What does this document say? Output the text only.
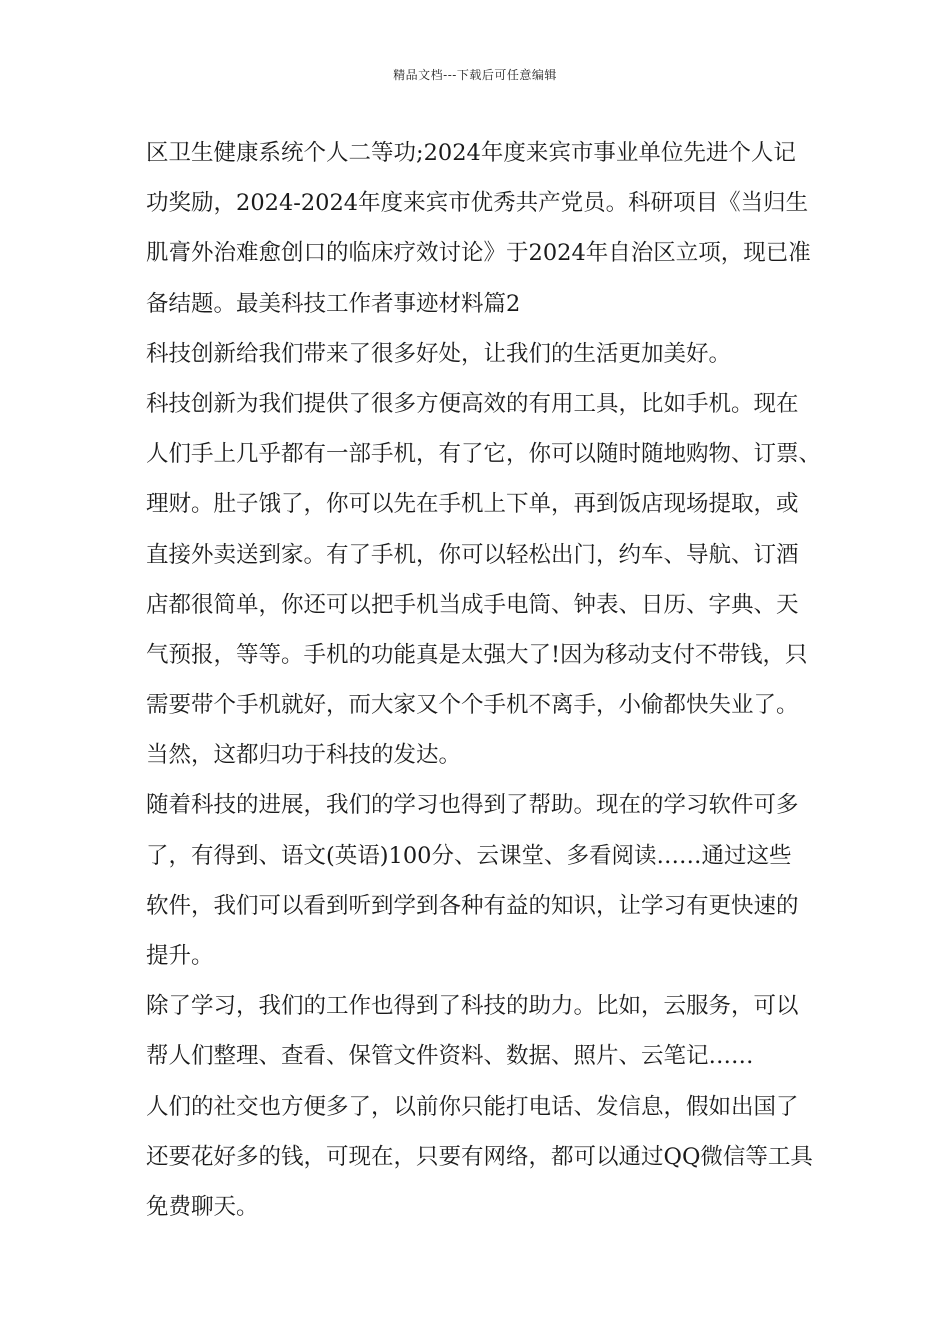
精品文档---下载后可任意编辑
区卫生健康系统个人二等功;2024年度来宾市事业单位先进个人记
功奖励，2024-2024年度来宾市优秀共产党员。科研项目《当归生
肌膏外治难愈创口的临床疗效讨论》于2024年自治区立项，现已准
备结题。最美科技工作者事迹材料篇2
科技创新给我们带来了很多好处，让我们的生活更加美好。
科技创新为我们提供了很多方便高效的有用工具，比如手机。现在
人们手上几乎都有一部手机，有了它，你可以随时随地购物、订票、
理财。肚子饿了，你可以先在手机上下单，再到饭店现场提取，或
直接外卖送到家。有了手机，你可以轻松出门，约车、导航、订酒
店都很简单，你还可以把手机当成手电筒、钟表、日历、字典、天
气预报，等等。手机的功能真是太强大了!因为移动支付不带钱，只
需要带个手机就好，而大家又个个手机不离手，小偷都快失业了。
当然，这都归功于科技的发达。
随着科技的进展，我们的学习也得到了帮助。现在的学习软件可多
了，有得到、语文(英语)100分、云课堂、多看阅读……通过这些
软件，我们可以看到听到学到各种有益的知识，让学习有更快速的
提升。
除了学习，我们的工作也得到了科技的助力。比如，云服务，可以
帮人们整理、查看、保管文件资料、数据、照片、云笔记……
人们的社交也方便多了，以前你只能打电话、发信息，假如出国了
还要花好多的钱，可现在，只要有网络，都可以通过QQ微信等工具
免费聊天。
